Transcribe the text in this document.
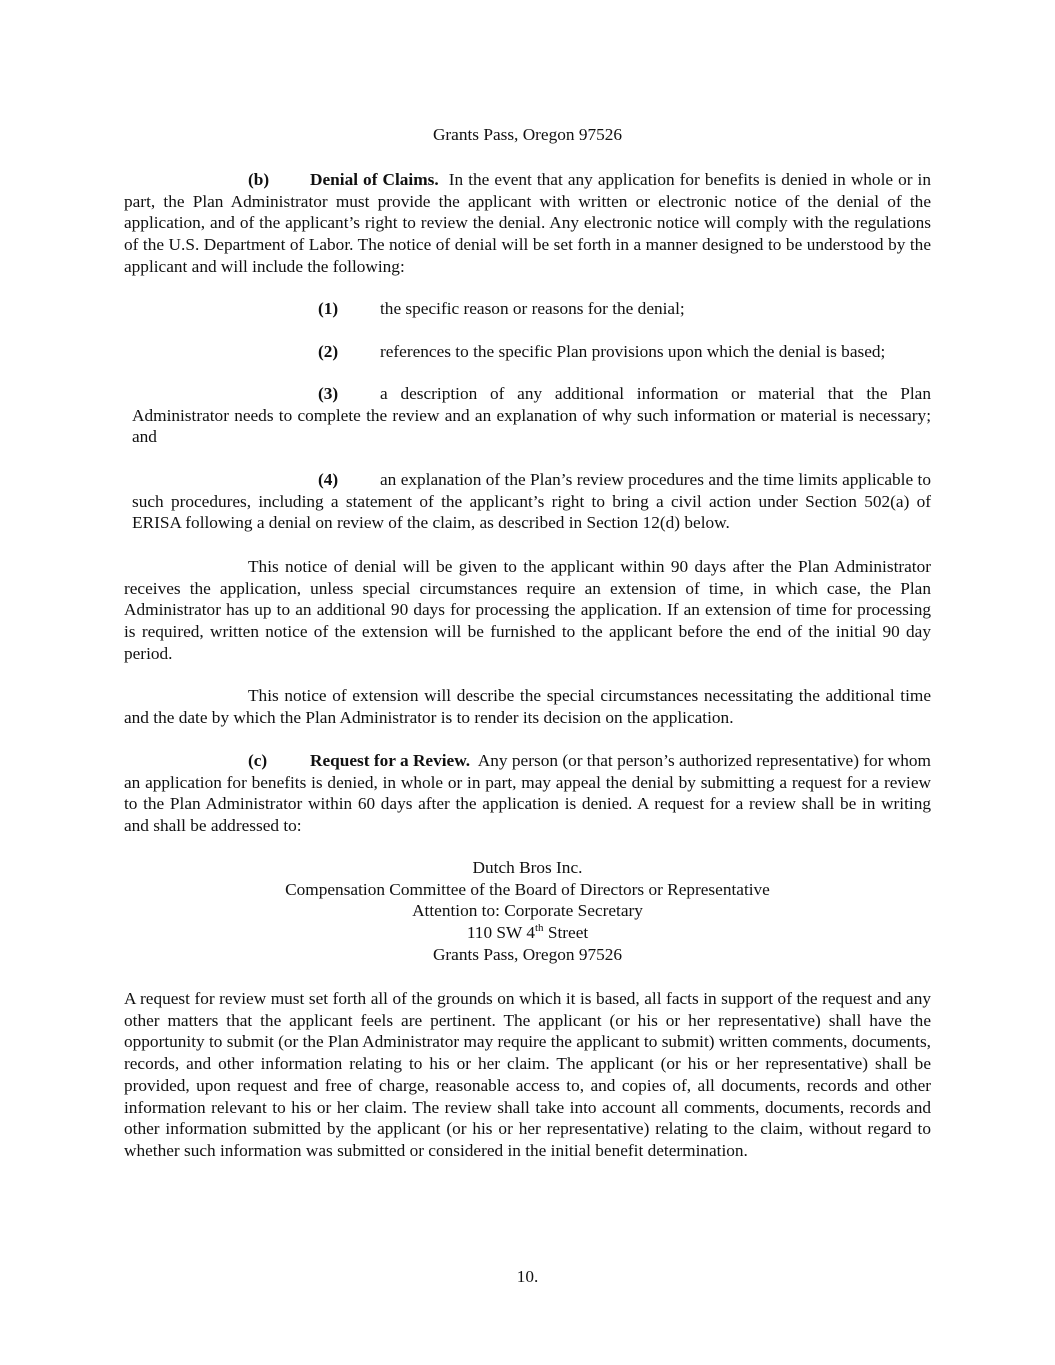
Grants Pass, Oregon 97526

(b) Denial of Claims. In the event that any application for benefits is denied in whole or in part, the Plan Administrator must provide the applicant with written or electronic notice of the denial of the application, and of the applicant’s right to review the denial. Any electronic notice will comply with the regulations of the U.S. Department of Labor. The notice of denial will be set forth in a manner designed to be understood by the applicant and will include the following:

(1) the specific reason or reasons for the denial;
(2) references to the specific Plan provisions upon which the denial is based;

(3) a description of any additional information or material that the Plan Administrator needs to complete the review and an explanation of why such information or material is necessary; and

(4) an explanation of the Plan’s review procedures and the time limits applicable to such procedures, including a statement of the applicant’s right to bring a civil action under Section 502(a) of ERISA following a denial on review of the claim, as described in Section 12(d) below.

This notice of denial will be given to the applicant within 90 days after the Plan Administrator receives the application, unless special circumstances require an extension of time, in which case, the Plan Administrator has up to an additional 90 days for processing the application. If an extension of time for processing is required, written notice of the extension will be furnished to the applicant before the end of the initial 90 day period.

This notice of extension will describe the special circumstances necessitating the additional time and the date by which the Plan Administrator is to render its decision on the application.

(c) Request for a Review. Any person (or that person’s authorized representative) for whom an application for benefits is denied, in whole or in part, may appeal the denial by submitting a request for a review to the Plan Administrator within 60 days after the application is denied. A request for a review shall be in writing and shall be addressed to:

Dutch Bros Inc.
Compensation Committee of the Board of Directors or Representative
Attention to: Corporate Secretary
110 SW 4th Street
Grants Pass, Oregon 97526

A request for review must set forth all of the grounds on which it is based, all facts in support of the request and any other matters that the applicant feels are pertinent. The applicant (or his or her representative) shall have the opportunity to submit (or the Plan Administrator may require the applicant to submit) written comments, documents, records, and other information relating to his or her claim. The applicant (or his or her representative) shall be provided, upon request and free of charge, reasonable access to, and copies of, all documents, records and other information relevant to his or her claim. The review shall take into account all comments, documents, records and other information submitted by the applicant (or his or her representative) relating to the claim, without regard to whether such information was submitted or considered in the initial benefit determination.

10.
